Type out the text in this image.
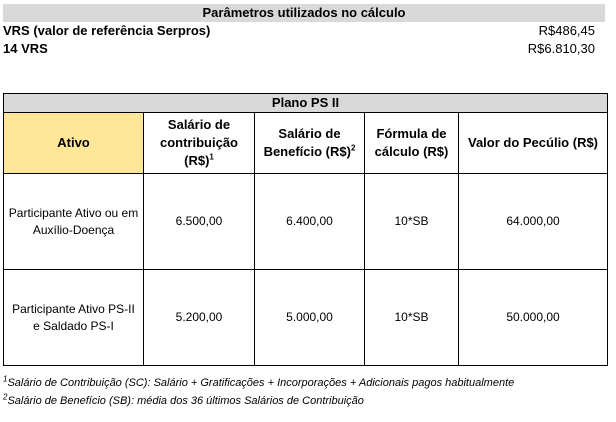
Parâmetros utilizados no cálculo
VRS (valor de referência Serpros)	R$486,45
14 VRS	R$6.810,30
Plano PS II				
Ativo	Salário de contribuição (R$)$^1$	Salário de Benefício (R$)$^2$	Fórmula de cálculo (R$)	Valor do Pecúlio (R$)
Participante Ativo ou em Auxílio-Doença	6.500,00	6.400,00	10*SB	64.000,00
Participante Ativo PS-II e Saldado PS-I	5.200,00	5.000,00	10*SB	50.000,00
$^1$Salário de Contribuição (SC): Salário + Gratificações + Incorporações + Adicionais pagos habitualmente
$^2$Salário de Benefício (SB): média dos 36 últimos Salários de Contribuição
